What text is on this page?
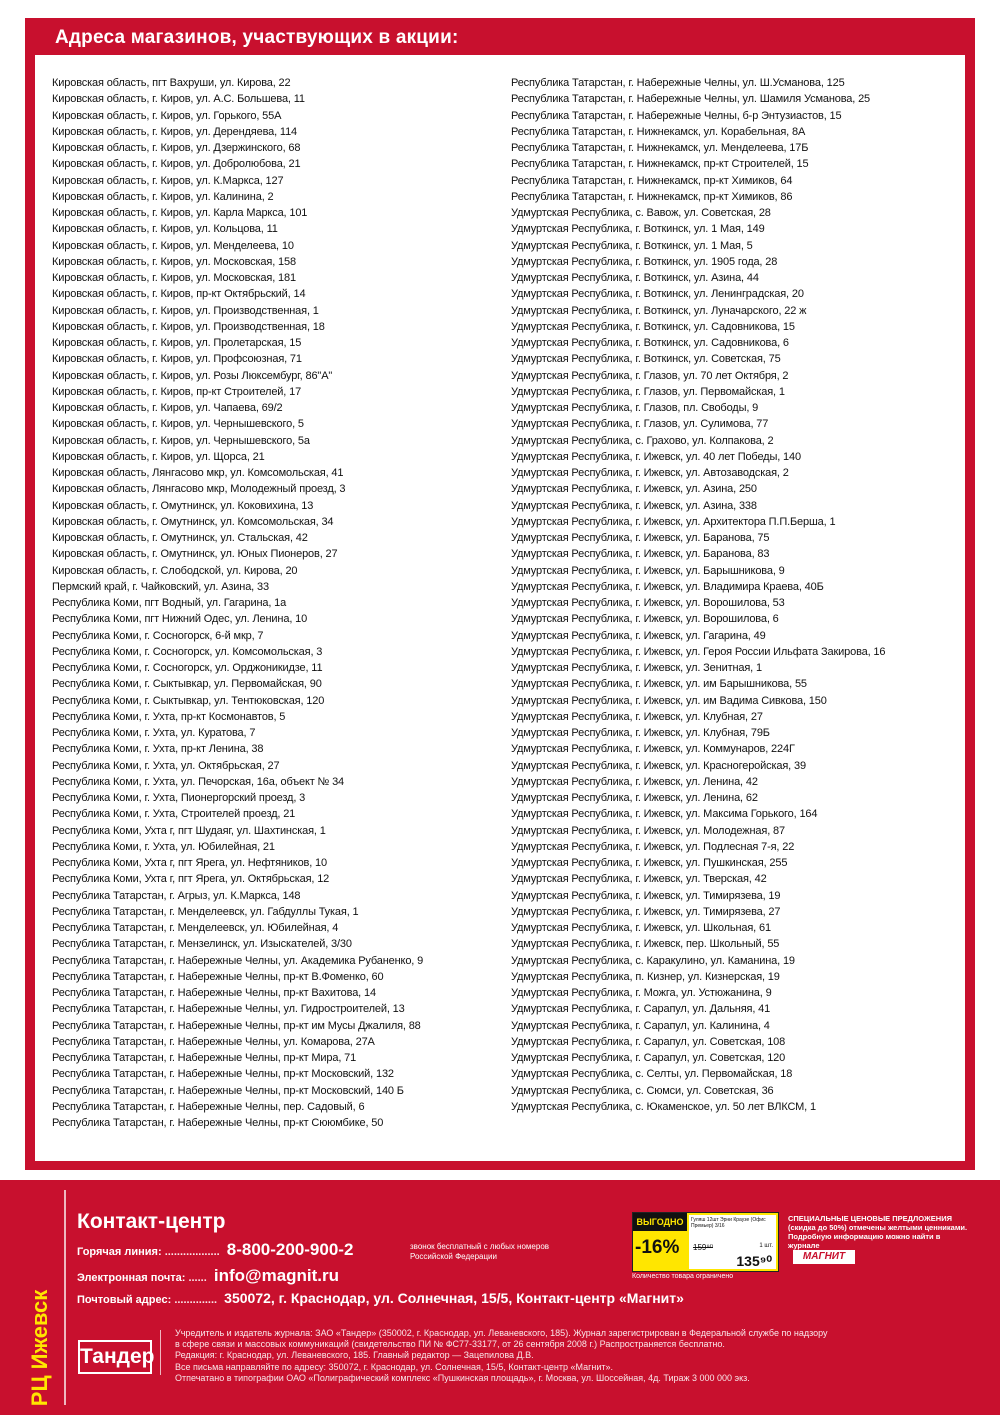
Адреса магазинов, участвующих в акции:
Кировская область, пгт Вахруши, ул. Кирова, 22
Кировская область, г. Киров, ул. А.С. Большева, 11
Кировская область, г. Киров, ул. Горького, 55А
Кировская область, г. Киров, ул. Дерендяева, 114
Кировская область, г. Киров, ул. Дзержинского, 68
Кировская область, г. Киров, ул. Добролюбова, 21
Кировская область, г. Киров, ул. К.Маркса, 127
Кировская область, г. Киров, ул. Калинина, 2
Кировская область, г. Киров, ул. Карла Маркса, 101
Кировская область, г. Киров, ул. Кольцова, 11
Кировская область, г. Киров, ул. Менделеева, 10
Кировская область, г. Киров, ул. Московская, 158
Кировская область, г. Киров, ул. Московская, 181
Кировская область, г. Киров, пр-кт Октябрьский, 14
Кировская область, г. Киров, ул. Производственная, 1
Кировская область, г. Киров, ул. Производственная, 18
Кировская область, г. Киров, ул. Пролетарская, 15
Кировская область, г. Киров, ул. Профсоюзная, 71
Кировская область, г. Киров, ул. Розы Люксембург, 86"А"
Кировская область, г. Киров, пр-кт Строителей, 17
Кировская область, г. Киров, ул. Чапаева, 69/2
Кировская область, г. Киров, ул. Чернышевского, 5
Кировская область, г. Киров, ул. Чернышевского, 5а
Кировская область, г. Киров, ул. Щорса, 21
Кировская область, Лянгасово мкр, ул. Комсомольская, 41
Кировская область, Лянгасово мкр, Молодежный проезд, 3
Кировская область, г. Омутнинск, ул. Коковихина, 13
Кировская область, г. Омутнинск, ул. Комсомольская, 34
Кировская область, г. Омутнинск, ул. Стальская, 42
Кировская область, г. Омутнинск, ул. Юных Пионеров, 27
Кировская область, г. Слободской, ул. Кирова, 20
Пермский край, г. Чайковский, ул. Азина, 33
Республика Коми, пгт Водный, ул. Гагарина, 1а
Республика Коми, пгт Нижний Одес, ул. Ленина, 10
Республика Коми, г. Сосногорск, 6-й мкр, 7
Республика Коми, г. Сосногорск, ул. Комсомольская, 3
Республика Коми, г. Сосногорск, ул. Орджоникидзе, 11
Республика Коми, г. Сыктывкар, ул. Первомайская, 90
Республика Коми, г. Сыктывкар, ул. Тентюковская, 120
Республика Коми, г. Ухта, пр-кт Космонавтов, 5
Республика Коми, г. Ухта, ул. Куратова, 7
Республика Коми, г. Ухта, пр-кт Ленина, 38
Республика Коми, г. Ухта, ул. Октябрьская, 27
Республика Коми, г. Ухта, ул. Печорская, 16а, объект № 34
Республика Коми, г. Ухта, Пионергорский проезд, 3
Республика Коми, г. Ухта, Строителей проезд, 21
Республика Коми, Ухта г, пгт Шудаяг, ул. Шахтинская, 1
Республика Коми, г. Ухта, ул. Юбилейная, 21
Республика Коми, Ухта г, пгт Ярега, ул. Нефтяников, 10
Республика Коми, Ухта г, пгт Ярега, ул. Октябрьская, 12
Республика Татарстан, г. Агрыз, ул. К.Маркса, 148
Республика Татарстан, г. Менделеевск, ул. Габдуллы Тукая, 1
Республика Татарстан, г. Менделеевск, ул. Юбилейная, 4
Республика Татарстан, г. Мензелинск, ул. Изыскателей, 3/30
Республика Татарстан, г. Набережные Челны, ул. Академика Рубаненко, 9
Республика Татарстан, г. Набережные Челны, пр-кт В.Фоменко, 60
Республика Татарстан, г. Набережные Челны, пр-кт Вахитова, 14
Республика Татарстан, г. Набережные Челны, ул. Гидростроителей, 13
Республика Татарстан, г. Набережные Челны, пр-кт им Мусы Джалиля, 88
Республика Татарстан, г. Набережные Челны, ул. Комарова, 27А
Республика Татарстан, г. Набережные Челны, пр-кт Мира, 71
Республика Татарстан, г. Набережные Челны, пр-кт Московский, 132
Республика Татарстан, г. Набережные Челны, пр-кт Московский, 140 Б
Республика Татарстан, г. Набережные Челны, пер. Садовый, 6
Республика Татарстан, г. Набережные Челны, пр-кт Сююмбике, 50
Республика Татарстан, г. Набережные Челны, ул. Ш.Усманова, 125
Республика Татарстан, г. Набережные Челны, ул. Шамиля Усманова, 25
Республика Татарстан, г. Набережные Челны, б-р Энтузиастов, 15
Республика Татарстан, г. Нижнекамск, ул. Корабельная, 8А
Республика Татарстан, г. Нижнекамск, ул. Менделеева, 17Б
Республика Татарстан, г. Нижнекамск, пр-кт Строителей, 15
Республика Татарстан, г. Нижнекамск, пр-кт Химиков, 64
Республика Татарстан, г. Нижнекамск, пр-кт Химиков, 86
Удмуртская Республика, с. Вавож, ул. Советская, 28
Удмуртская Республика, г. Воткинск, ул. 1 Мая, 149
Удмуртская Республика, г. Воткинск, ул. 1 Мая, 5
Удмуртская Республика, г. Воткинск, ул. 1905 года, 28
Удмуртская Республика, г. Воткинск, ул. Азина, 44
Удмуртская Республика, г. Воткинск, ул. Ленинградская, 20
Удмуртская Республика, г. Воткинск, ул. Луначарского, 22 ж
Удмуртская Республика, г. Воткинск, ул. Садовникова, 15
Удмуртская Республика, г. Воткинск, ул. Садовникова, 6
Удмуртская Республика, г. Воткинск, ул. Советская, 75
Удмуртская Республика, г. Глазов, ул. 70 лет Октября, 2
Удмуртская Республика, г. Глазов, ул. Первомайская, 1
Удмуртская Республика, г. Глазов, пл. Свободы, 9
Удмуртская Республика, г. Глазов, ул. Сулимова, 77
Удмуртская Республика, с. Грахово, ул. Колпакова, 2
Удмуртская Республика, г. Ижевск, ул. 40 лет Победы, 140
Удмуртская Республика, г. Ижевск, ул. Автозаводская, 2
Удмуртская Республика, г. Ижевск, ул. Азина, 250
Удмуртская Республика, г. Ижевск, ул. Азина, 338
Удмуртская Республика, г. Ижевск, ул. Архитектора П.П.Берша, 1
Удмуртская Республика, г. Ижевск, ул. Баранова, 75
Удмуртская Республика, г. Ижевск, ул. Баранова, 83
Удмуртская Республика, г. Ижевск, ул. Барышникова, 9
Удмуртская Республика, г. Ижевск, ул. Владимира Краева, 40Б
Удмуртская Республика, г. Ижевск, ул. Ворошилова, 53
Удмуртская Республика, г. Ижевск, ул. Ворошилова, 6
Удмуртская Республика, г. Ижевск, ул. Гагарина, 49
Удмуртская Республика, г. Ижевск, ул. Героя России Ильфата Закирова, 16
Удмуртская Республика, г. Ижевск, ул. Зенитная, 1
Удмуртская Республика, г. Ижевск, ул. им Барышникова, 55
Удмуртская Республика, г. Ижевск, ул. им Вадима Сивкова, 150
Удмуртская Республика, г. Ижевск, ул. Клубная, 27
Удмуртская Республика, г. Ижевск, ул. Клубная, 79Б
Удмуртская Республика, г. Ижевск, ул. Коммунаров, 224Г
Удмуртская Республика, г. Ижевск, ул. Красногеройская, 39
Удмуртская Республика, г. Ижевск, ул. Ленина, 42
Удмуртская Республика, г. Ижевск, ул. Ленина, 62
Удмуртская Республика, г. Ижевск, ул. Максима Горького, 164
Удмуртская Республика, г. Ижевск, ул. Молодежная, 87
Удмуртская Республика, г. Ижевск, ул. Подлесная 7-я, 22
Удмуртская Республика, г. Ижевск, ул. Пушкинская, 255
Удмуртская Республика, г. Ижевск, ул. Тверская, 42
Удмуртская Республика, г. Ижевск, ул. Тимирязева, 19
Удмуртская Республика, г. Ижевск, ул. Тимирязева, 27
Удмуртская Республика, г. Ижевск, ул. Школьная, 61
Удмуртская Республика, г. Ижевск, пер. Школьный, 55
Удмуртская Республика, с. Каракулино, ул. Каманина, 19
Удмуртская Республика, п. Кизнер, ул. Кизнерская, 19
Удмуртская Республика, г. Можга, ул. Устюжанина, 9
Удмуртская Республика, г. Сарапул, ул. Дальняя, 41
Удмуртская Республика, г. Сарапул, ул. Калинина, 4
Удмуртская Республика, г. Сарапул, ул. Советская, 108
Удмуртская Республика, г. Сарапул, ул. Советская, 120
Удмуртская Республика, с. Селты, ул. Первомайская, 18
Удмуртская Республика, с. Сюмси, ул. Советская, 36
Удмуртская Республика, с. Юкаменское, ул. 50 лет ВЛКСМ, 1
РЦ Ижевск
Контакт-центр
Горячая линия: .................. 8-800-200-900-2	звонок бесплатный с любых номеров Российской Федерации
Электронная почта: ...... info@magnit.ru
Почтовый адрес: .............. 350072, г. Краснодар, ул. Солнечная, 15/5, Контакт-центр «Магнит»
ВЫГОДНО
-16%
Гуляш 12шт Эрни Краузе (Офис Премьер) 3/16
159⁹⁰	1 шт.
135⁹⁰
Количество товара ограничено
СПЕЦИАЛЬНЫЕ ЦЕНОВЫЕ ПРЕДЛОЖЕНИЯ (скидка до 50%) отмечены желтыми ценниками. Подробную информацию можно найти в журнале
МАГНИТ
Тандер
Учредитель и издатель журнала: ЗАО «Тандер» (350002, г. Краснодар, ул. Леваневского, 185). Журнал зарегистрирован в Федеральной службе по надзору
в сфере связи и массовых коммуникаций (свидетельство ПИ № ФС77-33177, от 26 сентября 2008 г.) Распространяется бесплатно.
Редакция: г. Краснодар, ул. Леваневского, 185. Главный редактор — Зацепилова Д.В.
Все письма направляйте по адресу: 350072, г. Краснодар, ул. Солнечная, 15/5, Контакт-центр «Магнит».
Отпечатано в типографии ОАО «Полиграфический комплекс «Пушкинская площадь», г. Москва, ул. Шосcейная, 4д. Тираж 3 000 000 экз.
